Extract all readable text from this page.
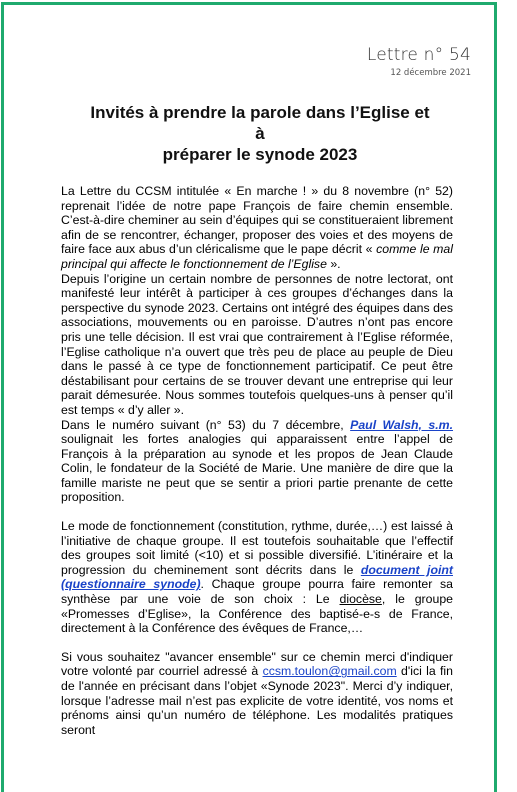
Lettre n° 54
12 décembre 2021
Invités à prendre la parole dans l’Eglise et
à
préparer le synode 2023

La Lettre du CCSM intitulée « En marche ! » du 8 novembre (n° 52) reprenait l’idée de notre pape François de faire chemin ensemble. C’est-à-dire cheminer au sein d’équipes qui se constitueraient librement afin de se rencontrer, échanger, proposer des voies et des moyens de faire face aux abus d’un cléricalisme que le pape décrit « comme le mal principal qui affecte le fonctionnement de l’Eglise ».

Depuis l’origine un certain nombre de personnes de notre lectorat, ont manifesté leur intérêt à participer à ces groupes d’échanges dans la perspective du synode 2023. Certains ont intégré des équipes dans des associations, mouvements ou en paroisse. D’autres n’ont pas encore pris une telle décision. Il est vrai que contrairement à l’Eglise réformée, l’Eglise catholique n’a ouvert que très peu de place au peuple de Dieu dans le passé à ce type de fonctionnement participatif. Ce peut être déstabilisant pour certains de se trouver devant une entreprise qui leur parait démesurée. Nous sommes toutefois quelques-uns à penser qu’il est temps « d’y aller ».

Dans le numéro suivant (n° 53) du 7 décembre, Paul Walsh, s.m. soulignait les fortes analogies qui apparaissent entre l’appel de François à la préparation au synode et les propos de Jean Claude Colin, le fondateur de la Société de Marie. Une manière de dire que la famille mariste ne peut que se sentir a priori partie prenante de cette proposition.

Le mode de fonctionnement (constitution, rythme, durée,…) est laissé à l’initiative de chaque groupe. Il est toutefois souhaitable que l’effectif des groupes soit limité (<10) et si possible diversifié. L’itinéraire et la progression du cheminement sont décrits dans le document joint (questionnaire synode). Chaque groupe pourra faire remonter sa synthèse par une voie de son choix : Le diocèse, le groupe «Promesses d’Eglise», la Conférence des baptisé-e-s de France, directement à la Conférence des évêques de France,…

Si vous souhaitez "avancer ensemble" sur ce chemin merci d'indiquer votre volonté par courriel adressé à ccsm.toulon@gmail.com d'ici la fin de l'année en précisant dans l’objet «Synode 2023". Merci d’y indiquer, lorsque l’adresse mail n’est pas explicite de votre identité, vos noms et prénoms ainsi qu’un numéro de téléphone. Les modalités pratiques seront
